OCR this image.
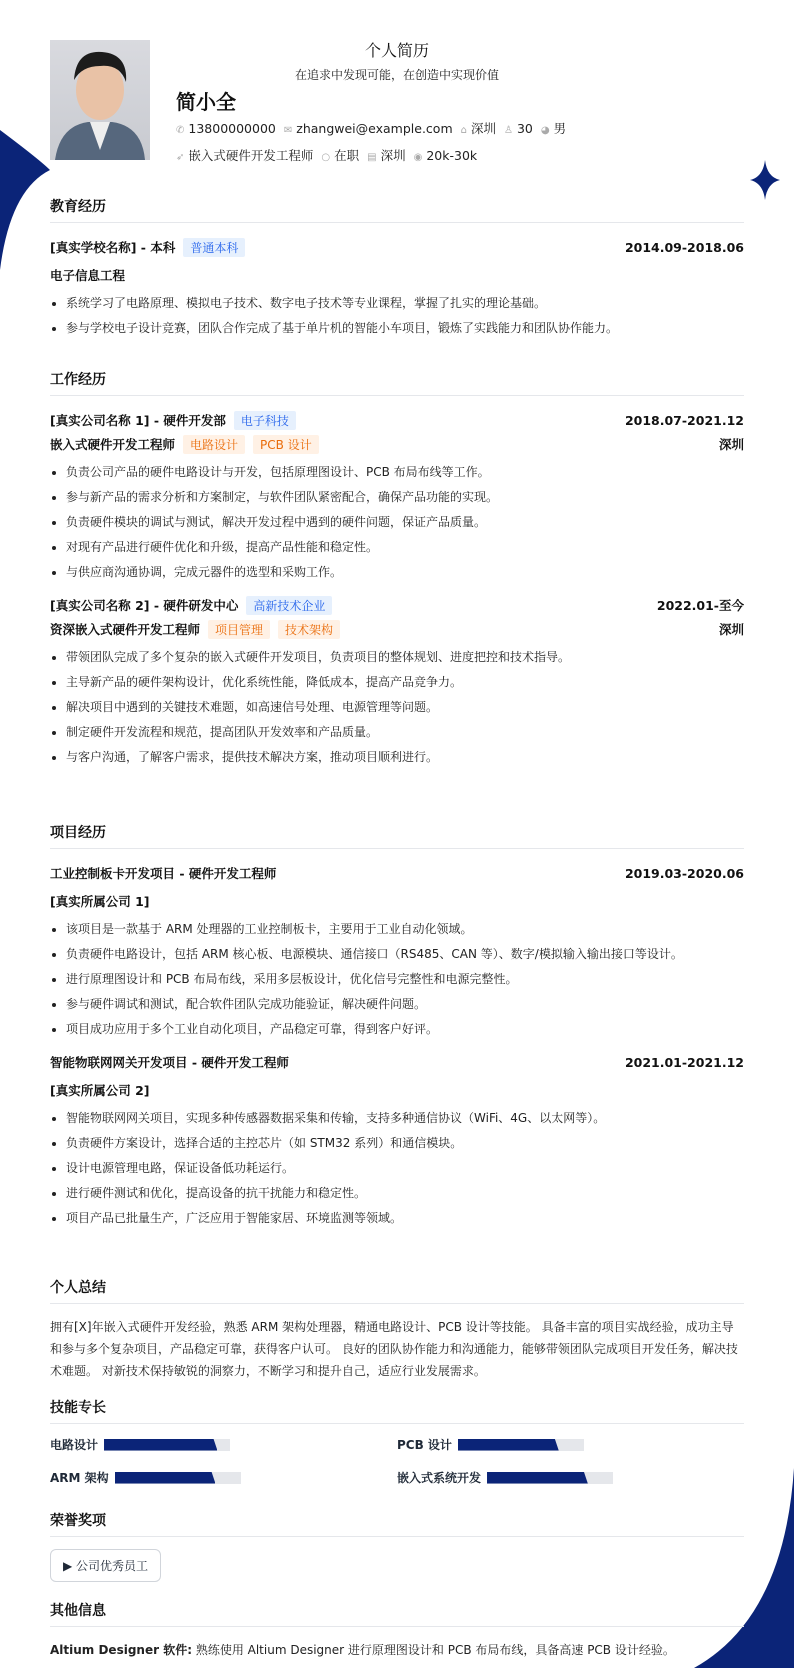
个人简历
在追求中发现可能，在创造中实现价值
简小全
✆ 13800000000 ✉ zhangwei@example.com ⌂ 深圳 ♙ 30 ◕ 男
➶ 嵌入式硬件开发工程师 ○ 在职 ▤ 深圳 ◉ 20k-30k
教育经历
[真实学校名称] - 本科 普通本科	2014.09-2018.06
电子信息工程
系统学习了电路原理、模拟电子技术、数字电子技术等专业课程，掌握了扎实的理论基础。
参与学校电子设计竞赛，团队合作完成了基于单片机的智能小车项目，锻炼了实践能力和团队协作能力。
工作经历
[真实公司名称 1] - 硬件开发部 电子科技	2018.07-2021.12
嵌入式硬件开发工程师 电路设计 PCB 设计	深圳
负责公司产品的硬件电路设计与开发，包括原理图设计、PCB 布局布线等工作。
参与新产品的需求分析和方案制定，与软件团队紧密配合，确保产品功能的实现。
负责硬件模块的调试与测试，解决开发过程中遇到的硬件问题，保证产品质量。
对现有产品进行硬件优化和升级，提高产品性能和稳定性。
与供应商沟通协调，完成元器件的选型和采购工作。
[真实公司名称 2] - 硬件研发中心 高新技术企业	2022.01-至今
资深嵌入式硬件开发工程师 项目管理 技术架构	深圳
带领团队完成了多个复杂的嵌入式硬件开发项目，负责项目的整体规划、进度把控和技术指导。
主导新产品的硬件架构设计，优化系统性能，降低成本，提高产品竞争力。
解决项目中遇到的关键技术难题，如高速信号处理、电源管理等问题。
制定硬件开发流程和规范，提高团队开发效率和产品质量。
与客户沟通，了解客户需求，提供技术解决方案，推动项目顺利进行。
项目经历
工业控制板卡开发项目 - 硬件开发工程师	2019.03-2020.06
[真实所属公司 1]
该项目是一款基于 ARM 处理器的工业控制板卡，主要用于工业自动化领域。
负责硬件电路设计，包括 ARM 核心板、电源模块、通信接口（RS485、CAN 等）、数字/模拟输入输出接口等设计。
进行原理图设计和 PCB 布局布线，采用多层板设计，优化信号完整性和电源完整性。
参与硬件调试和测试，配合软件团队完成功能验证，解决硬件问题。
项目成功应用于多个工业自动化项目，产品稳定可靠，得到客户好评。
智能物联网网关开发项目 - 硬件开发工程师	2021.01-2021.12
[真实所属公司 2]
智能物联网网关项目，实现多种传感器数据采集和传输，支持多种通信协议（WiFi、4G、以太网等）。
负责硬件方案设计，选择合适的主控芯片（如 STM32 系列）和通信模块。
设计电源管理电路，保证设备低功耗运行。
进行硬件测试和优化，提高设备的抗干扰能力和稳定性。
项目产品已批量生产，广泛应用于智能家居、环境监测等领域。
个人总结
拥有[X]年嵌入式硬件开发经验，熟悉 ARM 架构处理器，精通电路设计、PCB 设计等技能。 具备丰富的项目实战经验，成功主导和参与多个复杂项目，产品稳定可靠，获得客户认可。 良好的团队协作能力和沟通能力，能够带领团队完成项目开发任务，解决技术难题。 对新技术保持敏锐的洞察力，不断学习和提升自己，适应行业发展需求。
技能专长
电路设计	PCB 设计
ARM 架构	嵌入式系统开发
荣誉奖项
▶ 公司优秀员工
其他信息
Altium Designer 软件: 熟练使用 Altium Designer 进行原理图设计和 PCB 布局布线，具备高速 PCB 设计经验。
